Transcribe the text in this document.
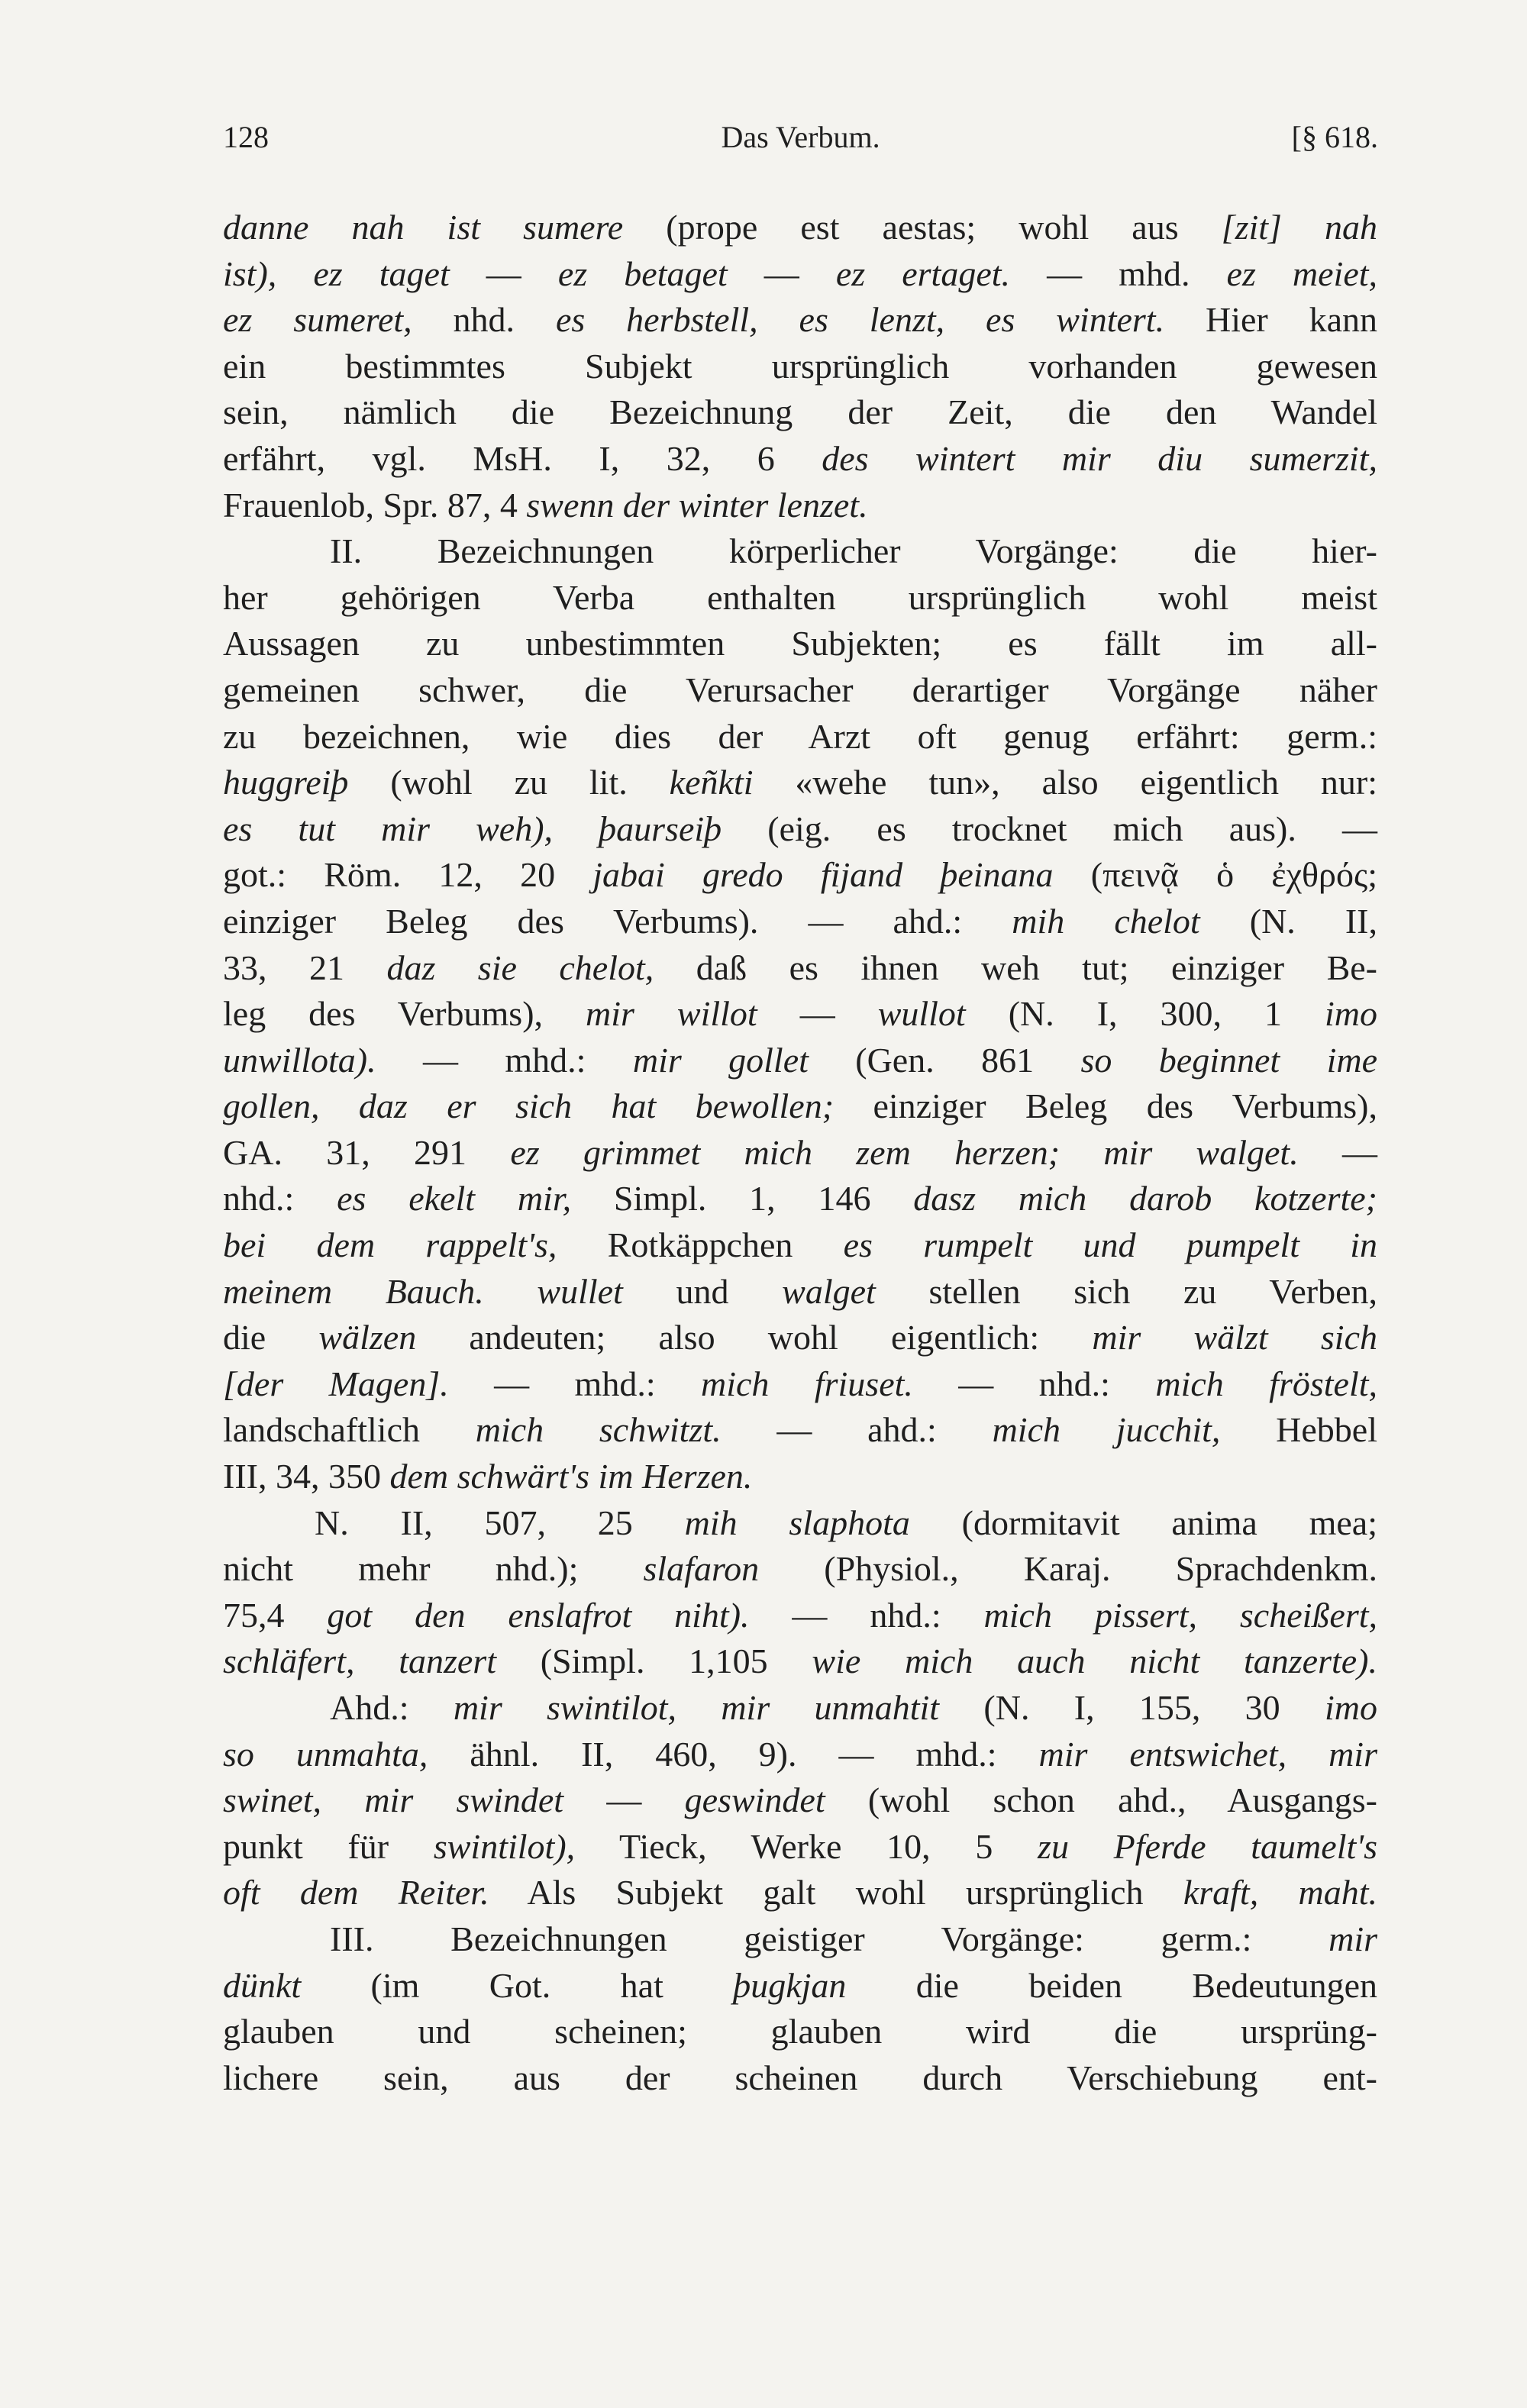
128	Das Verbum.	[§ 618.
danne nah ist sumere (prope est aestas; wohl aus [zit] nah
ist), ez taget — ez betaget — ez ertaget. — mhd. ez meiet,
ez sumeret, nhd. es herbstell, es lenzt, es wintert. Hier kann
ein bestimmtes Subjekt ursprünglich vorhanden gewesen
sein, nämlich die Bezeichnung der Zeit, die den Wandel
erfährt, vgl. MsH. I, 32, 6 des wintert mir diu sumerzit,
Frauenlob, Spr. 87, 4 swenn der winter lenzet.
II. Bezeichnungen körperlicher Vorgänge: die hier-
her gehörigen Verba enthalten ursprünglich wohl meist
Aussagen zu unbestimmten Subjekten; es fällt im all-
gemeinen schwer, die Verursacher derartiger Vorgänge näher
zu bezeichnen, wie dies der Arzt oft genug erfährt: germ.:
huggreiþ (wohl zu lit. keñkti «wehe tun», also eigentlich nur:
es tut mir weh), þaurseiþ (eig. es trocknet mich aus). —
got.: Röm. 12, 20 jabai gredo fijand þeinana (πεινᾷ ὁ ἐχθρός;
einziger Beleg des Verbums). — ahd.: mih chelot (N. II,
33, 21 daz sie chelot, daß es ihnen weh tut; einziger Be-
leg des Verbums), mir willot — wullot (N. I, 300, 1 imo
unwillota). — mhd.: mir gollet (Gen. 861 so beginnet ime
gollen, daz er sich hat bewollen; einziger Beleg des Verbums),
GA. 31, 291 ez grimmet mich zem herzen; mir walget. —
nhd.: es ekelt mir, Simpl. 1, 146 dasz mich darob kotzerte;
bei dem rappelt's, Rotkäppchen es rumpelt und pumpelt in
meinem Bauch. wullet und walget stellen sich zu Verben,
die wälzen andeuten; also wohl eigentlich: mir wälzt sich
[der Magen]. — mhd.: mich friuset. — nhd.: mich fröstelt,
landschaftlich mich schwitzt. — ahd.: mich jucchit, Hebbel
III, 34, 350 dem schwärt's im Herzen.
N. II, 507, 25 mih slaphota (dormitavit anima mea;
nicht mehr nhd.); slafaron (Physiol., Karaj. Sprachdenkm.
75,4 got den enslafrot niht). — nhd.: mich pissert, scheißert,
schläfert, tanzert (Simpl. 1,105 wie mich auch nicht tanzerte).
Ahd.: mir swintilot, mir unmahtit (N. I, 155, 30 imo
so unmahta, ähnl. II, 460, 9). — mhd.: mir entswichet, mir
swinet, mir swindet — geswindet (wohl schon ahd., Ausgangs-
punkt für swintilot), Tieck, Werke 10, 5 zu Pferde taumelt's
oft dem Reiter. Als Subjekt galt wohl ursprünglich kraft, maht.
III. Bezeichnungen geistiger Vorgänge: germ.: mir
dünkt (im Got. hat þugkjan die beiden Bedeutungen
glauben und scheinen; glauben wird die ursprüng-
lichere sein, aus der scheinen durch Verschiebung ent-
